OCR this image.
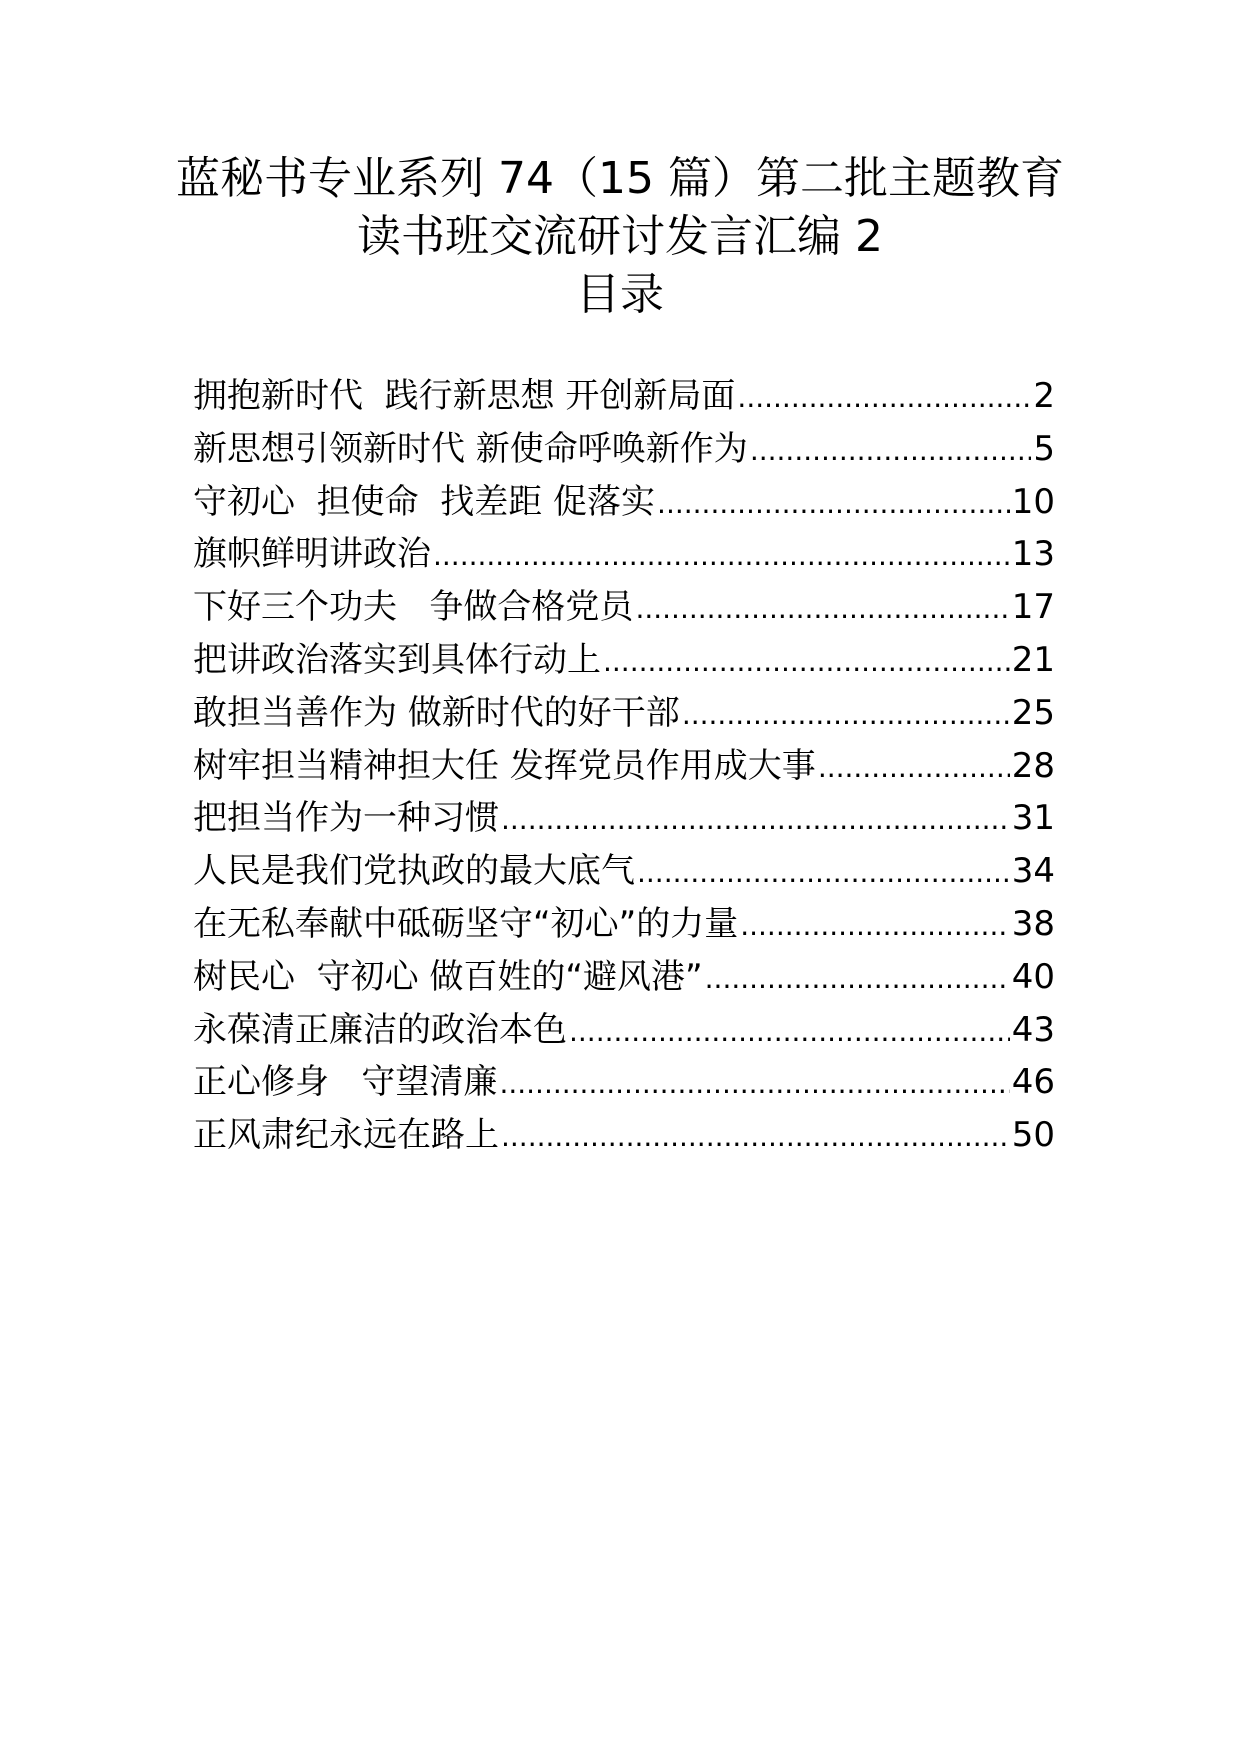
蓝秘书专业系列 74（15 篇）第二批主题教育
读书班交流研讨发言汇编 2
目录
拥抱新时代  践行新思想 开创新局面 .....	2
新思想引领新时代 新使命呼唤新作为 .....	5
守初心  担使命  找差距 促落实 .....	10
旗帜鲜明讲政治 .....	13
下好三个功夫   争做合格党员 .....	17
把讲政治落实到具体行动上 .....	21
敢担当善作为 做新时代的好干部 .....	25
树牢担当精神担大任 发挥党员作用成大事 .....	28
把担当作为一种习惯 .....	31
人民是我们党执政的最大底气 .....	34
在无私奉献中砥砺坚守“初心”的力量 .....	38
树民心  守初心 做百姓的“避风港” .....	40
永葆清正廉洁的政治本色 .....	43
正心修身   守望清廉 .....	46
正风肃纪永远在路上 .....	50
